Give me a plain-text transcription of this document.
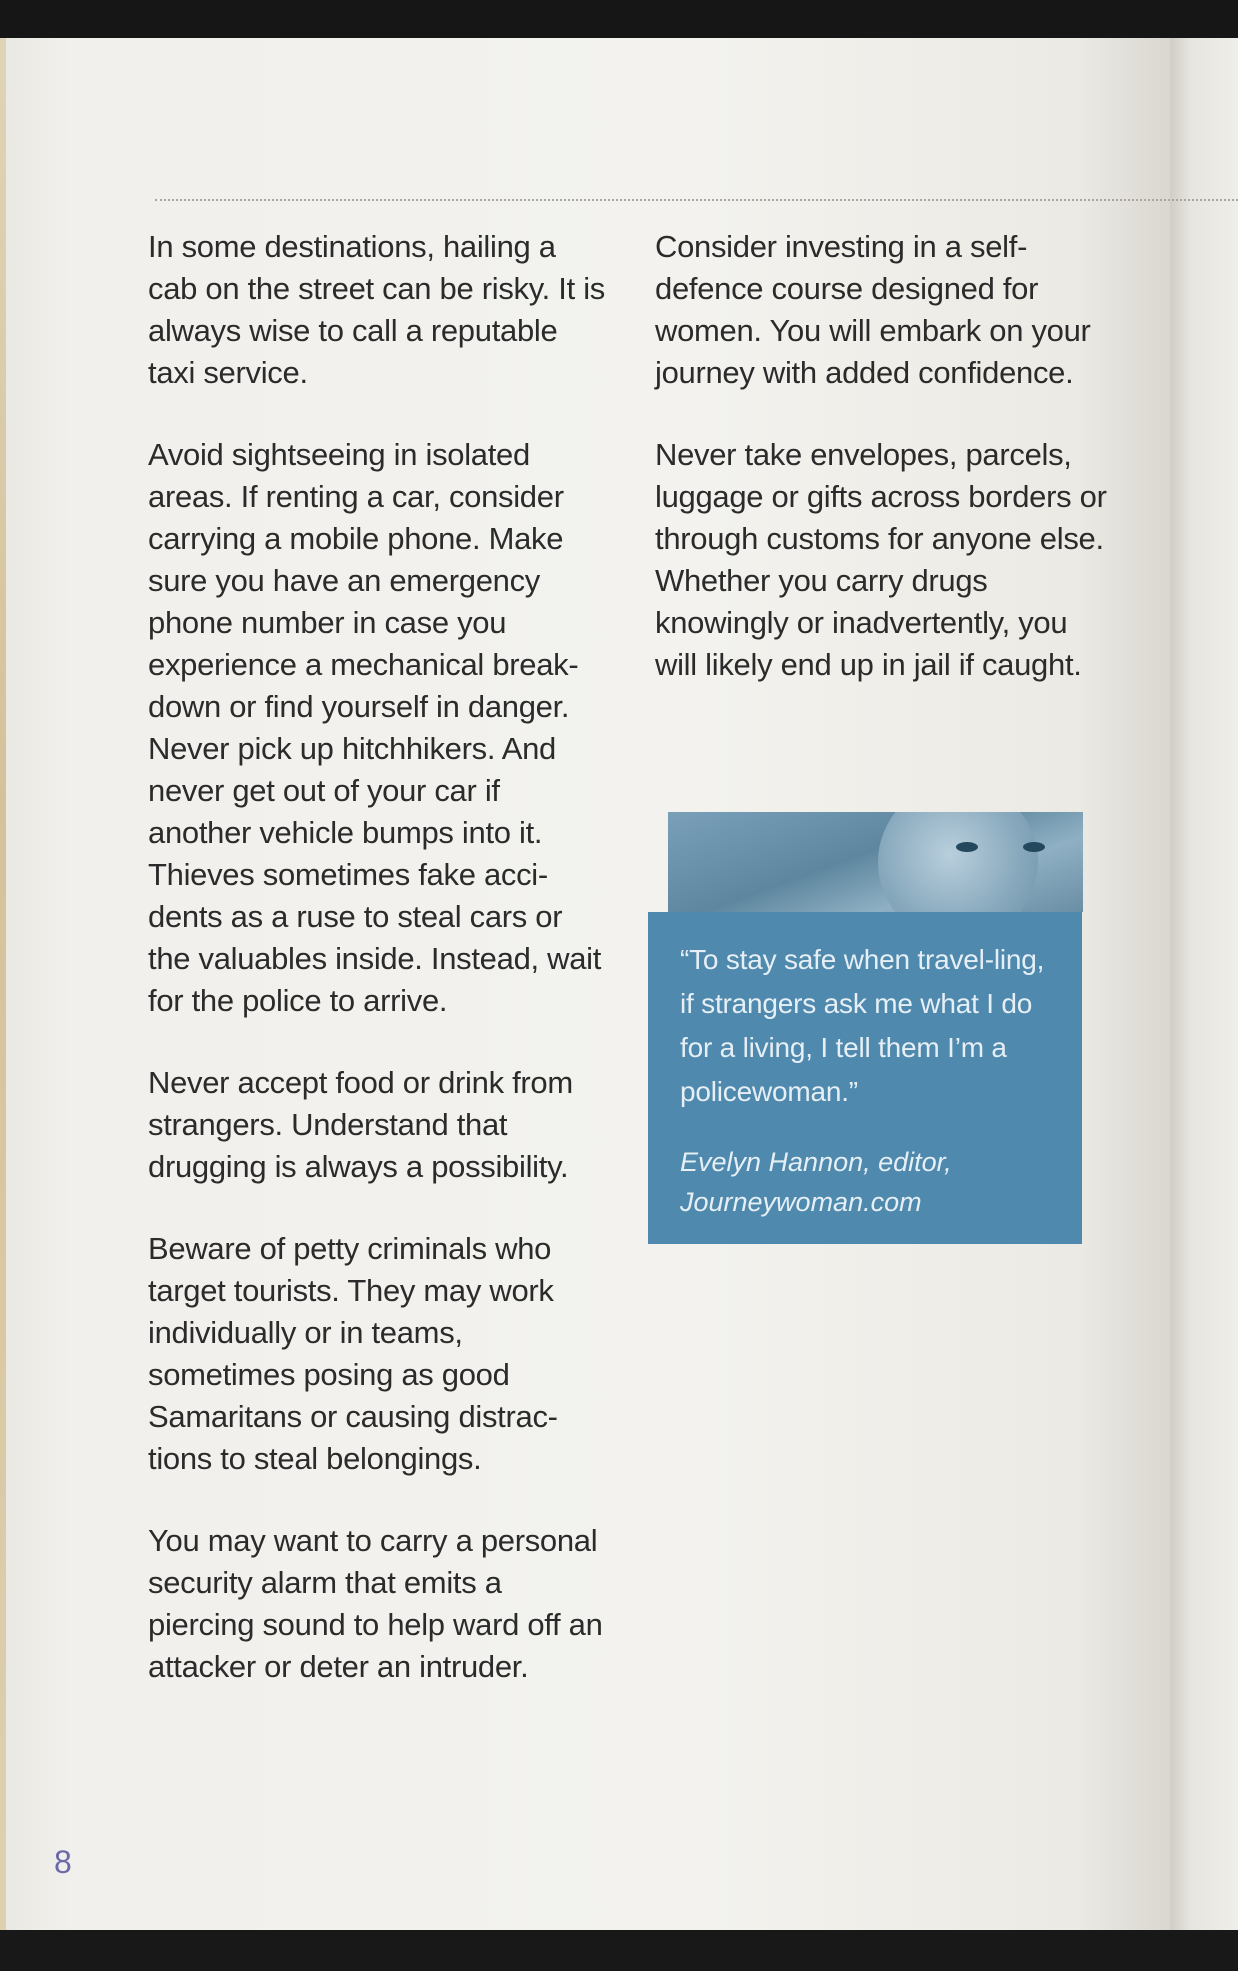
In some destinations, hailing a cab on the street can be risky. It is always wise to call a reputable taxi service.

Avoid sightseeing in isolated areas. If renting a car, consider carrying a mobile phone. Make sure you have an emergency phone number in case you experience a mechanical break-down or find yourself in danger. Never pick up hitchhikers. And never get out of your car if another vehicle bumps into it. Thieves sometimes fake acci-dents as a ruse to steal cars or the valuables inside. Instead, wait for the police to arrive.

Never accept food or drink from strangers. Understand that drugging is always a possibility.

Beware of petty criminals who target tourists. They may work individually or in teams, sometimes posing as good Samaritans or causing distrac-tions to steal belongings.

You may want to carry a personal security alarm that emits a piercing sound to help ward off an attacker or deter an intruder.

Consider investing in a self-defence course designed for women. You will embark on your journey with added confidence.

Never take envelopes, parcels, luggage or gifts across borders or through customs for anyone else. Whether you carry drugs knowingly or inadvertently, you will likely end up in jail if caught.

“To stay safe when travel-ling, if strangers ask me what I do for a living, I tell them I’m a policewoman.”

Evelyn Hannon, editor,
Journeywoman.com

8
